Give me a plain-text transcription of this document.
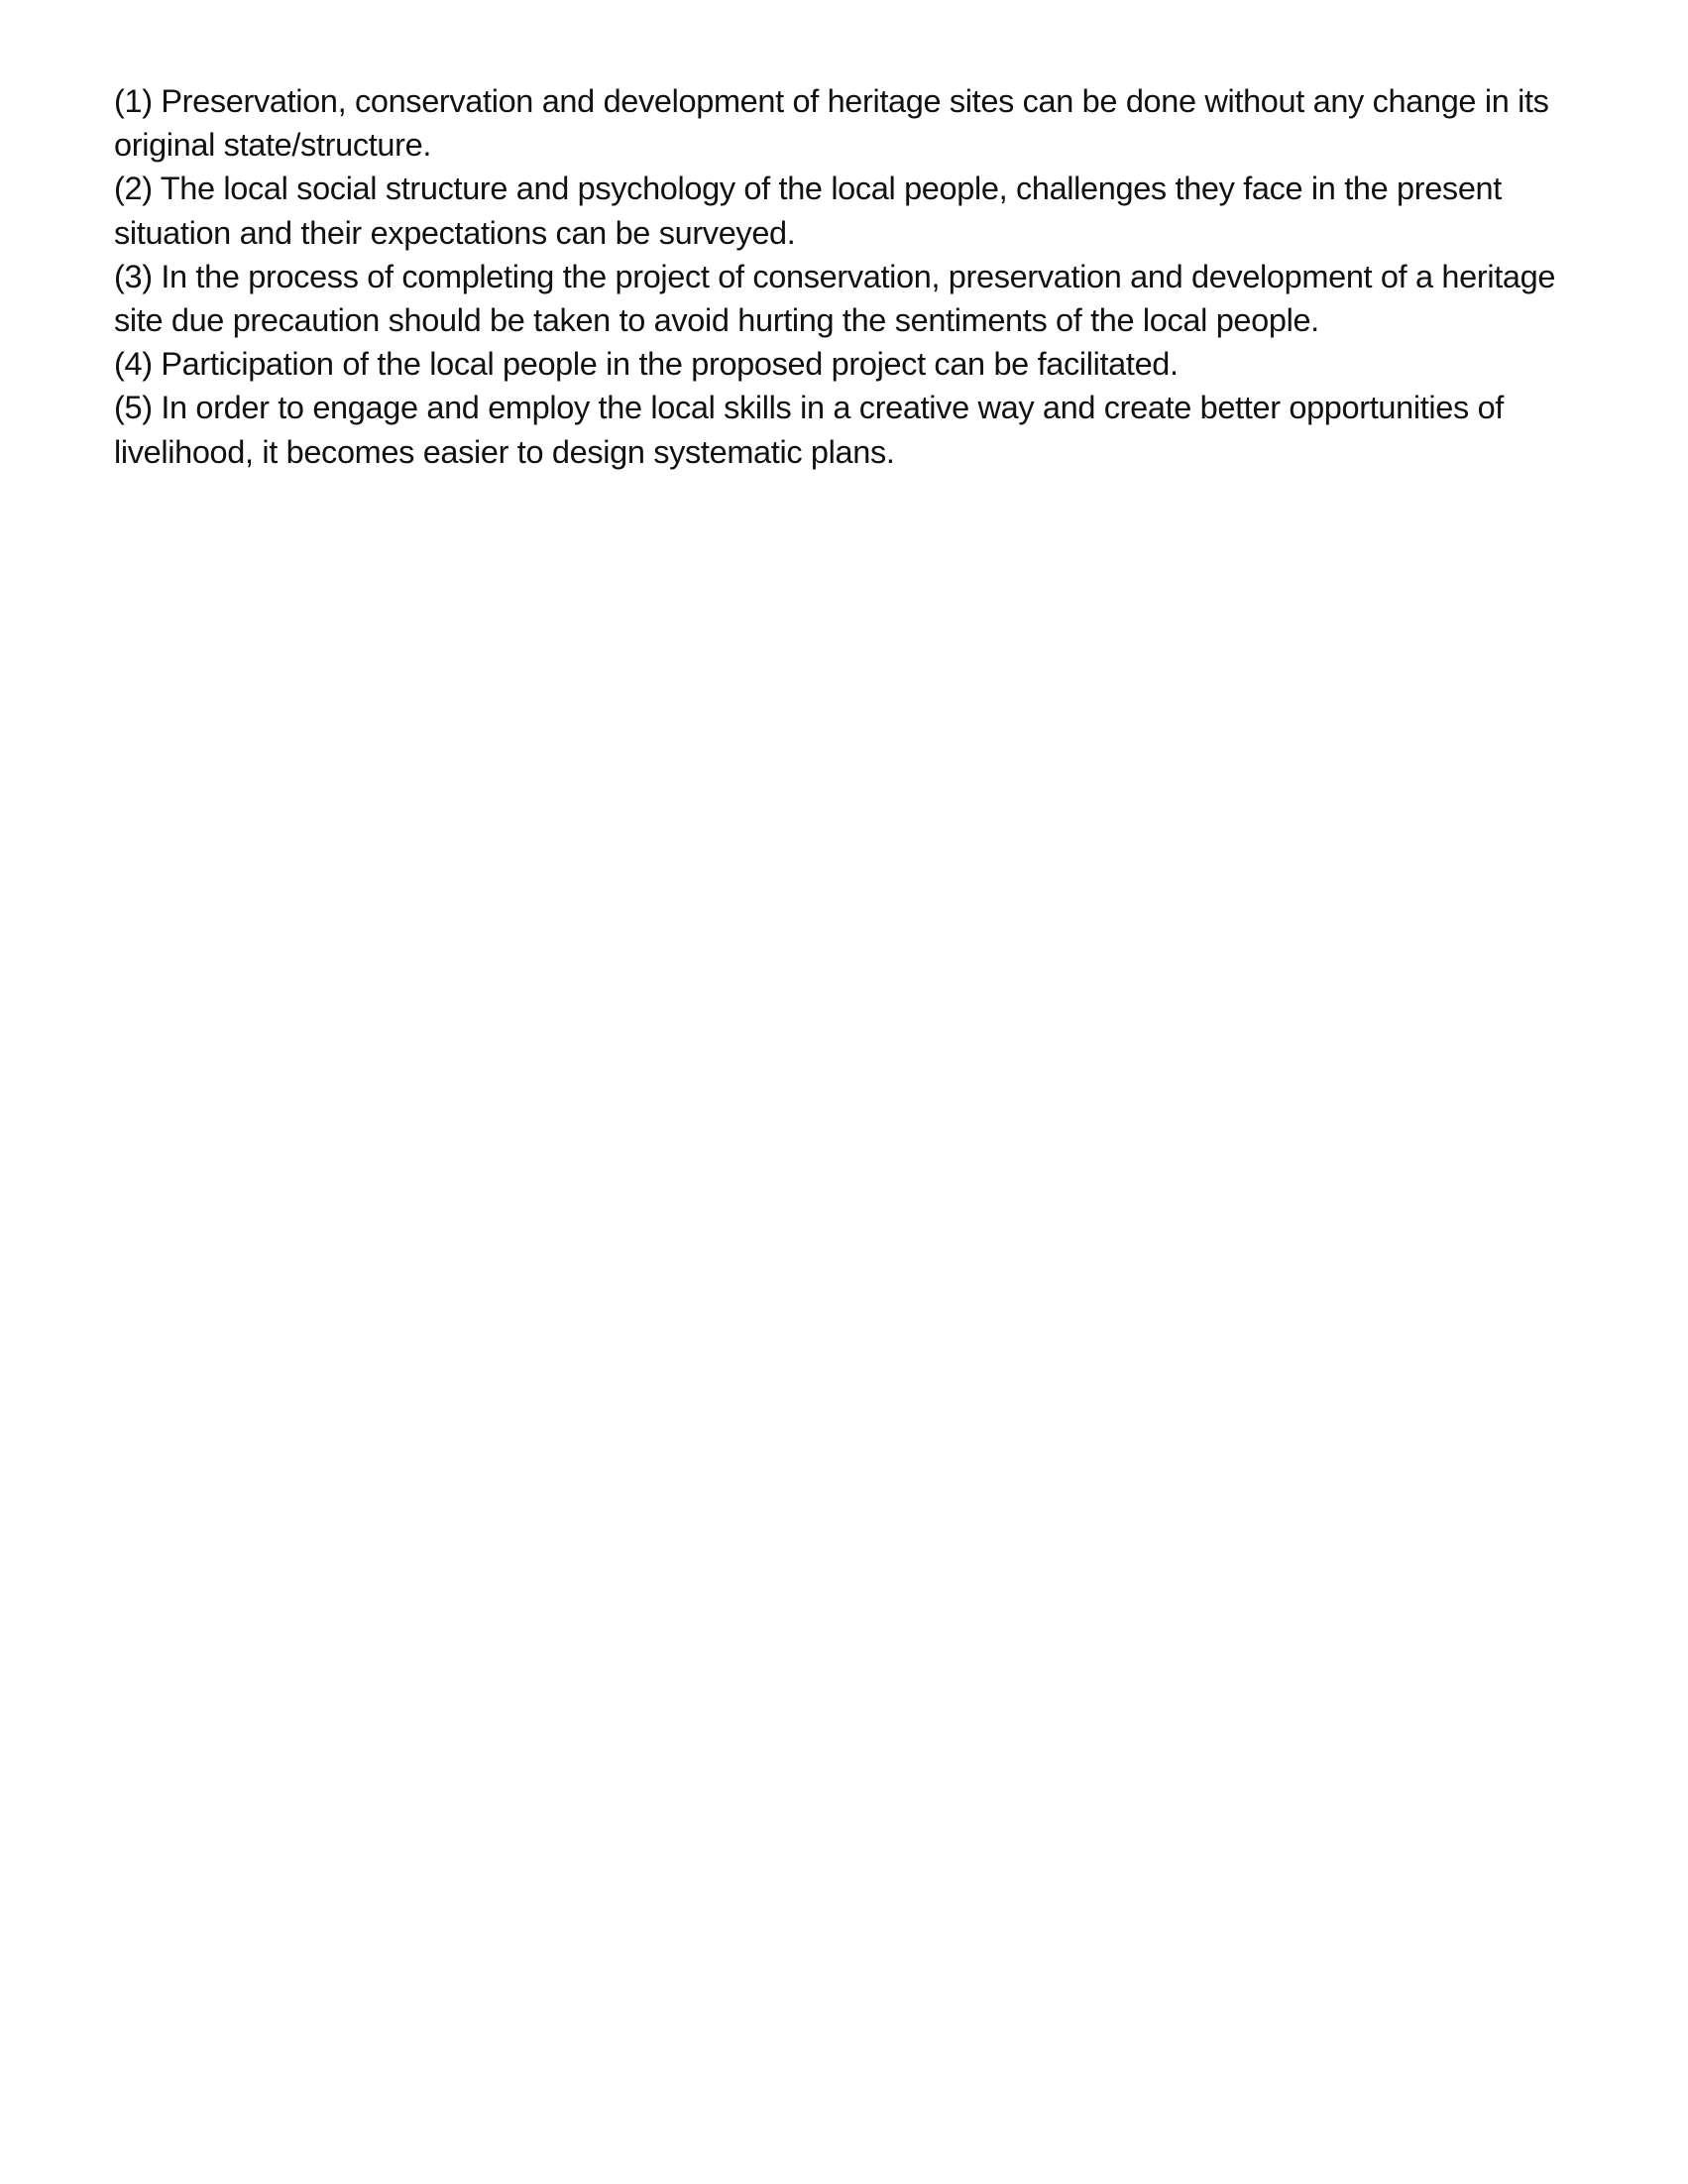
(1) Preservation, conservation and development of heritage sites can be done without any change in its original state/structure.

(2) The local social structure and psychology of the local people, challenges they face in the present situation and their expectations can be surveyed.

(3) In the process of completing the project of conservation, preservation and development of a heritage site due precaution should be taken to avoid hurting the sentiments of the local people.

(4) Participation of the local people in the proposed project can be facilitated.

(5) In order to engage and employ the local skills in a creative way and create better opportunities of livelihood, it becomes easier to design systematic plans.
